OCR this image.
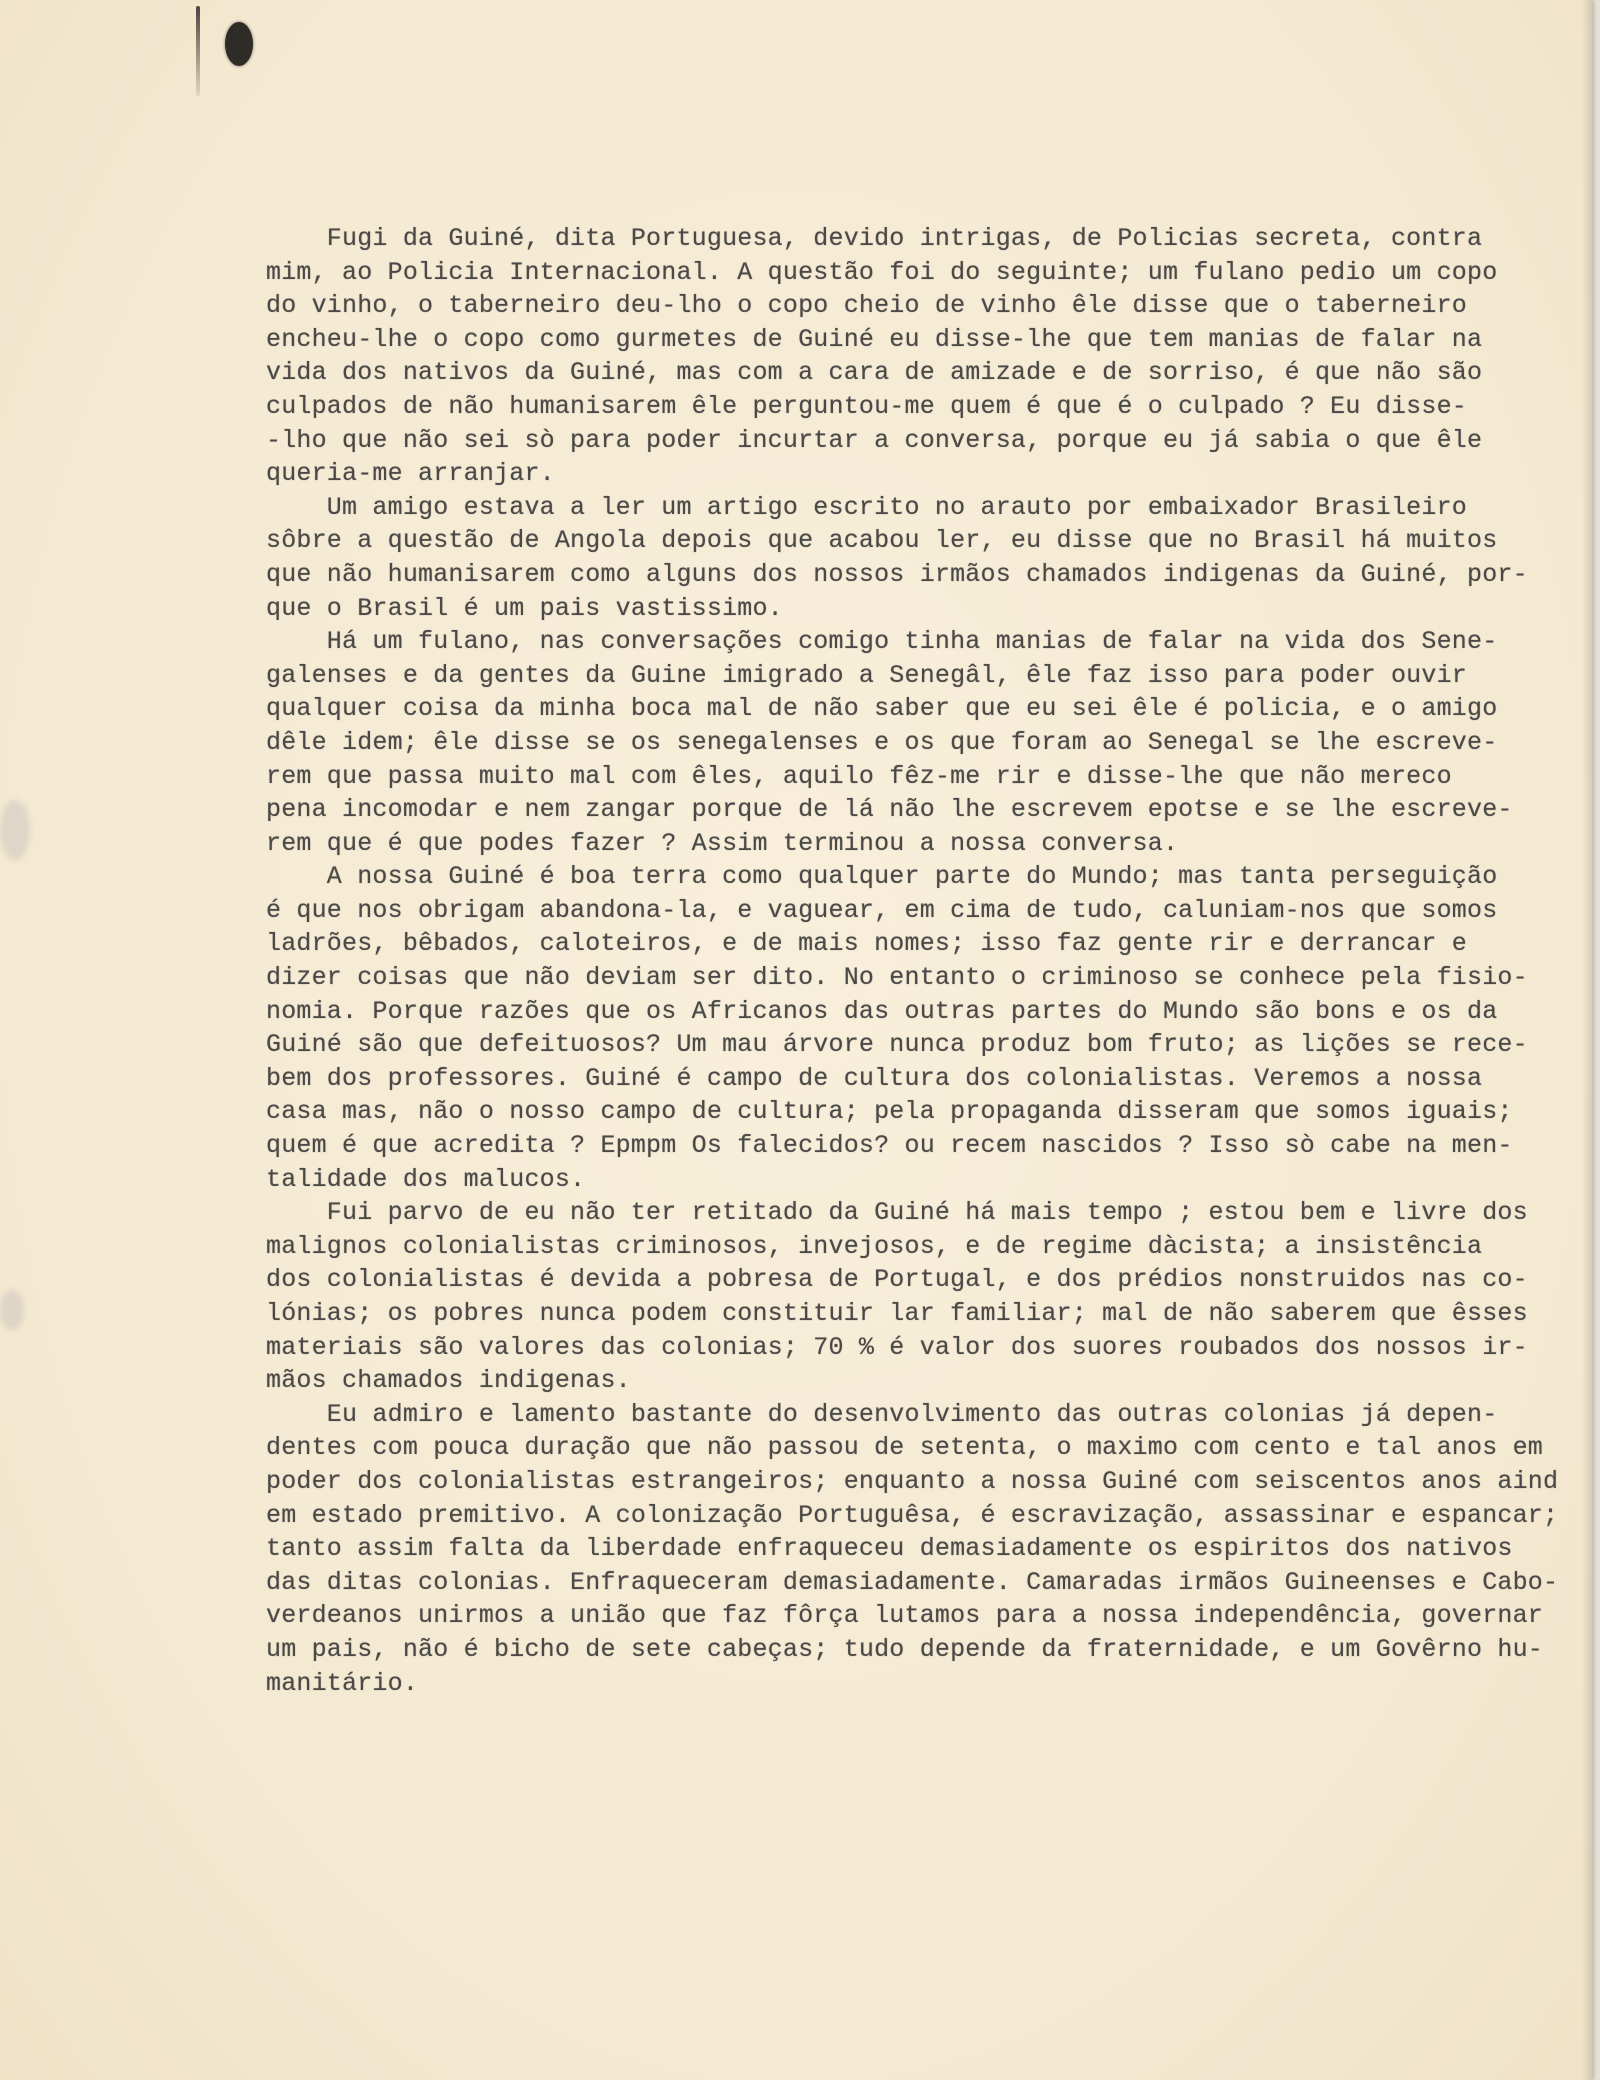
Fugi da Guiné, dita Portuguesa, devido intrigas, de Policias secreta, contra
mim, ao Policia Internacional. A questão foi do seguinte; um fulano pedio um copo
do vinho, o taberneiro deu-lho o copo cheio de vinho êle disse que o taberneiro
encheu-lhe o copo como gurmetes de Guiné eu disse-lhe que tem manias de falar na
vida dos nativos da Guiné, mas com a cara de amizade e de sorriso, é que não são
culpados de não humanisarem êle perguntou-me quem é que é o culpado ? Eu disse-
-lho que não sei sò para poder incurtar a conversa, porque eu já sabia o que êle
queria-me arranjar.
Um amigo estava a ler um artigo escrito no arauto por embaixador Brasileiro
sôbre a questão de Angola depois que acabou ler, eu disse que no Brasil há muitos
que não humanisarem como alguns dos nossos irmãos chamados indigenas da Guiné, por-
que o Brasil é um pais vastissimo.
Há um fulano, nas conversações comigo tinha manias de falar na vida dos Sene-
galenses e da gentes da Guine imigrado a Senegâl, êle faz isso para poder ouvir
qualquer coisa da minha boca mal de não saber que eu sei êle é policia, e o amigo
dêle idem; êle disse se os senegalenses e os que foram ao Senegal se lhe escreve-
rem que passa muito mal com êles, aquilo fêz-me rir e disse-lhe que não mereco
pena incomodar e nem zangar porque de lá não lhe escrevem epotse e se lhe escreve-
rem que é que podes fazer ? Assim terminou a nossa conversa.
A nossa Guiné é boa terra como qualquer parte do Mundo; mas tanta perseguição
é que nos obrigam abandona-la, e vaguear, em cima de tudo, caluniam-nos que somos
ladrões, bêbados, caloteiros, e de mais nomes; isso faz gente rir e derrancar e
dizer coisas que não deviam ser dito. No entanto o criminoso se conhece pela fisio-
nomia. Porque razões que os Africanos das outras partes do Mundo são bons e os da
Guiné são que defeituosos? Um mau árvore nunca produz bom fruto; as lições se rece-
bem dos professores. Guiné é campo de cultura dos colonialistas. Veremos a nossa
casa mas, não o nosso campo de cultura; pela propaganda disseram que somos iguais;
quem é que acredita ? Epmpm Os falecidos? ou recem nascidos ? Isso sò cabe na men-
talidade dos malucos.
Fui parvo de eu não ter retitado da Guiné há mais tempo ; estou bem e livre dos
malignos colonialistas criminosos, invejosos, e de regime dàcista; a insistência
dos colonialistas é devida a pobresa de Portugal, e dos prédios nonstruidos nas co-
lónias; os pobres nunca podem constituir lar familiar; mal de não saberem que êsses
materiais são valores das colonias; 70 % é valor dos suores roubados dos nossos ir-
mãos chamados indigenas.
Eu admiro e lamento bastante do desenvolvimento das outras colonias já depen-
dentes com pouca duração que não passou de setenta, o maximo com cento e tal anos em
poder dos colonialistas estrangeiros; enquanto a nossa Guiné com seiscentos anos aind
em estado premitivo. A colonização Portuguêsa, é escravização, assassinar e espancar;
tanto assim falta da liberdade enfraqueceu demasiadamente os espiritos dos nativos
das ditas colonias. Enfraqueceram demasiadamente. Camaradas irmãos Guineenses e Cabo-
verdeanos unirmos a união que faz fôrça lutamos para a nossa independência, governar
um pais, não é bicho de sete cabeças; tudo depende da fraternidade, e um Govêrno hu-
manitário.
